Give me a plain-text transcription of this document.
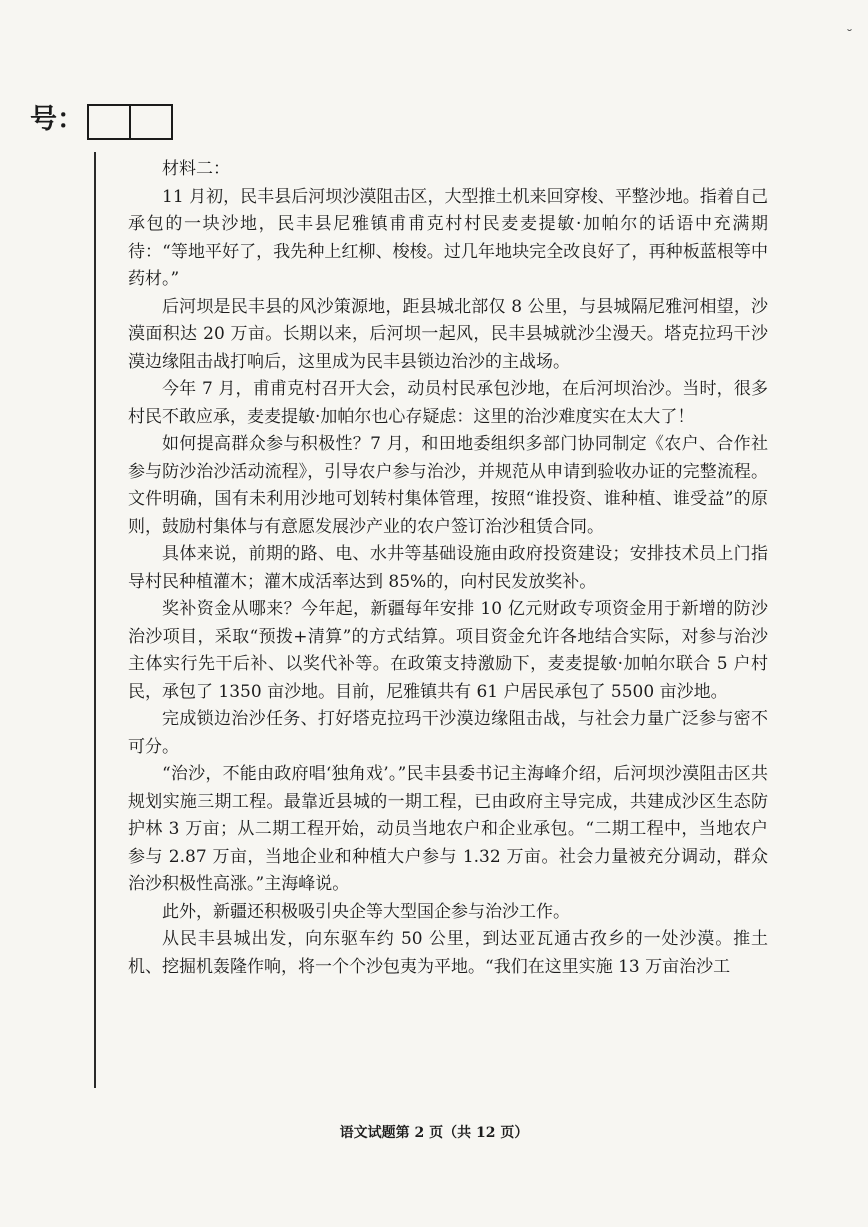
˘
号：

材料二：

11 月初，民丰县后河坝沙漠阻击区，大型推土机来回穿梭、平整沙地。指着自己承包的一块沙地，民丰县尼雅镇甫甫克村村民麦麦提敏·加帕尔的话语中充满期待：“等地平好了，我先种上红柳、梭梭。过几年地块完全改良好了，再种板蓝根等中药材。”

后河坝是民丰县的风沙策源地，距县城北部仅 8 公里，与县城隔尼雅河相望，沙漠面积达 20 万亩。长期以来，后河坝一起风，民丰县城就沙尘漫天。塔克拉玛干沙漠边缘阻击战打响后，这里成为民丰县锁边治沙的主战场。

今年 7 月，甫甫克村召开大会，动员村民承包沙地，在后河坝治沙。当时，很多村民不敢应承，麦麦提敏·加帕尔也心存疑虑：这里的治沙难度实在太大了！

如何提高群众参与积极性？7 月，和田地委组织多部门协同制定《农户、合作社参与防沙治沙活动流程》，引导农户参与治沙，并规范从申请到验收办证的完整流程。文件明确，国有未利用沙地可划转村集体管理，按照“谁投资、谁种植、谁受益”的原则，鼓励村集体与有意愿发展沙产业的农户签订治沙租赁合同。

具体来说，前期的路、电、水井等基础设施由政府投资建设；安排技术员上门指导村民种植灌木；灌木成活率达到 85%的，向村民发放奖补。

奖补资金从哪来？今年起，新疆每年安排 10 亿元财政专项资金用于新增的防沙治沙项目，采取“预拨+清算”的方式结算。项目资金允许各地结合实际，对参与治沙主体实行先干后补、以奖代补等。在政策支持激励下，麦麦提敏·加帕尔联合 5 户村民，承包了 1350 亩沙地。目前，尼雅镇共有 61 户居民承包了 5500 亩沙地。

完成锁边治沙任务、打好塔克拉玛干沙漠边缘阻击战，与社会力量广泛参与密不可分。

“治沙，不能由政府唱‘独角戏’。”民丰县委书记主海峰介绍，后河坝沙漠阻击区共规划实施三期工程。最靠近县城的一期工程，已由政府主导完成，共建成沙区生态防护林 3 万亩；从二期工程开始，动员当地农户和企业承包。“二期工程中，当地农户参与 2.87 万亩，当地企业和种植大户参与 1.32 万亩。社会力量被充分调动，群众治沙积极性高涨。”主海峰说。

此外，新疆还积极吸引央企等大型国企参与治沙工作。

从民丰县城出发，向东驱车约 50 公里，到达亚瓦通古孜乡的一处沙漠。推土机、挖掘机轰隆作响，将一个个沙包夷为平地。“我们在这里实施 13 万亩治沙工

语文试题第 2 页（共 12 页）
